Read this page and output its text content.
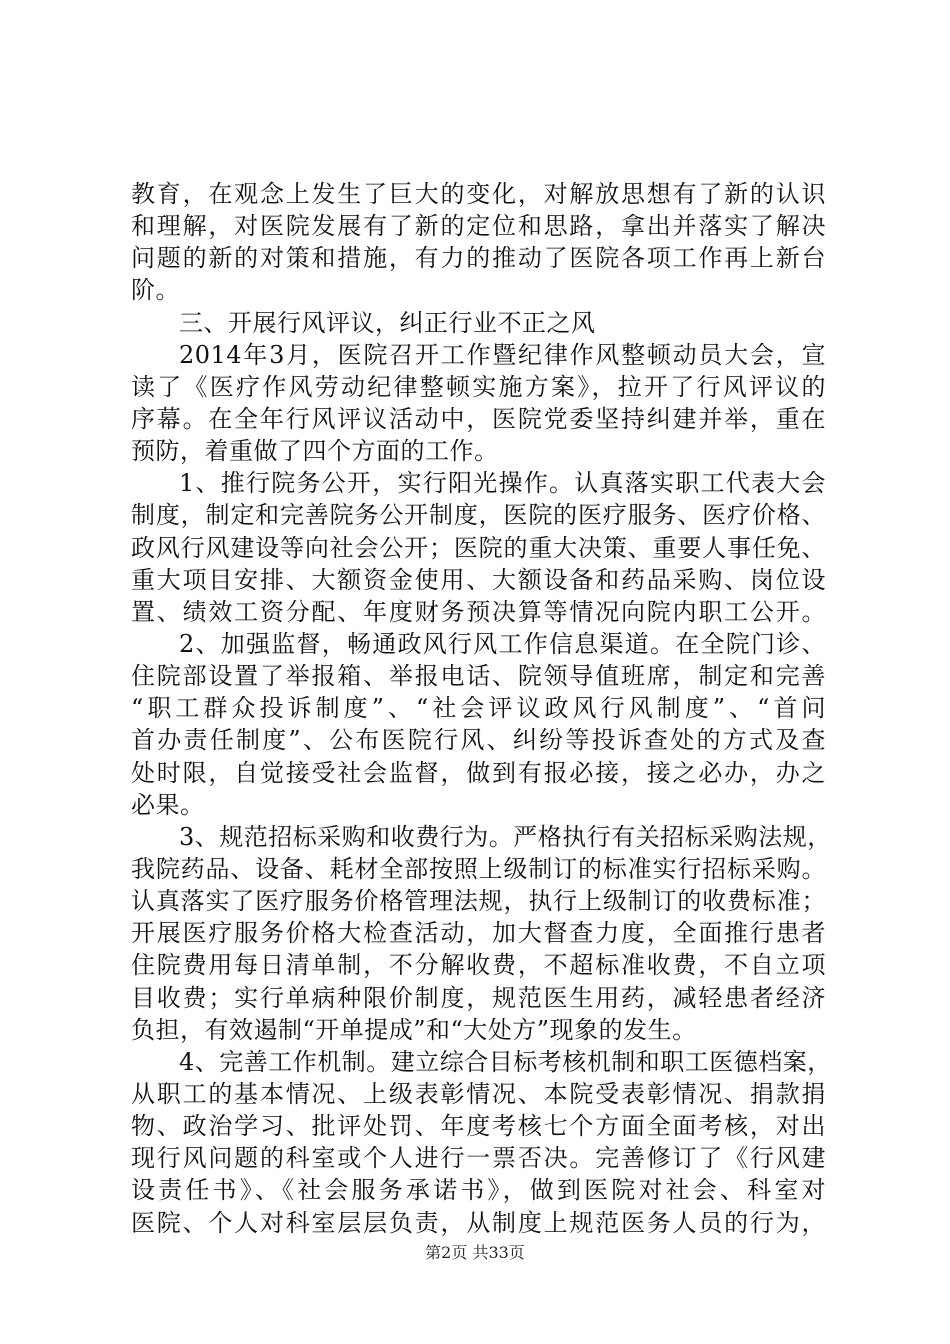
教育，在观念上发生了巨大的变化，对解放思想有了新的认识
和理解，对医院发展有了新的定位和思路，拿出并落实了解决
问题的新的对策和措施，有力的推动了医院各项工作再上新台
阶。
三、开展行风评议，纠正行业不正之风
2014年3月，医院召开工作暨纪律作风整顿动员大会，宣
读了《医疗作风劳动纪律整顿实施方案》，拉开了行风评议的
序幕。在全年行风评议活动中，医院党委坚持纠建并举，重在
预防，着重做了四个方面的工作。
1、推行院务公开，实行阳光操作。认真落实职工代表大会
制度，制定和完善院务公开制度，医院的医疗服务、医疗价格、
政风行风建设等向社会公开；医院的重大决策、重要人事任免、
重大项目安排、大额资金使用、大额设备和药品采购、岗位设
置、绩效工资分配、年度财务预决算等情况向院内职工公开。
2、加强监督，畅通政风行风工作信息渠道。在全院门诊、
住院部设置了举报箱、举报电话、院领导值班席，制定和完善
“职工群众投诉制度”、“社会评议政风行风制度”、“首问
首办责任制度”、公布医院行风、纠纷等投诉查处的方式及查
处时限，自觉接受社会监督，做到有报必接，接之必办，办之
必果。
3、规范招标采购和收费行为。严格执行有关招标采购法规，
我院药品、设备、耗材全部按照上级制订的标准实行招标采购。
认真落实了医疗服务价格管理法规，执行上级制订的收费标准；
开展医疗服务价格大检查活动，加大督查力度，全面推行患者
住院费用每日清单制，不分解收费，不超标准收费，不自立项
目收费；实行单病种限价制度，规范医生用药，减轻患者经济
负担，有效遏制“开单提成”和“大处方”现象的发生。
4、完善工作机制。建立综合目标考核机制和职工医德档案，
从职工的基本情况、上级表彰情况、本院受表彰情况、捐款捐
物、政治学习、批评处罚、年度考核七个方面全面考核，对出
现行风问题的科室或个人进行一票否决。完善修订了《行风建
设责任书》、《社会服务承诺书》，做到医院对社会、科室对
医院、个人对科室层层负责，从制度上规范医务人员的行为，
第2页 共33页
